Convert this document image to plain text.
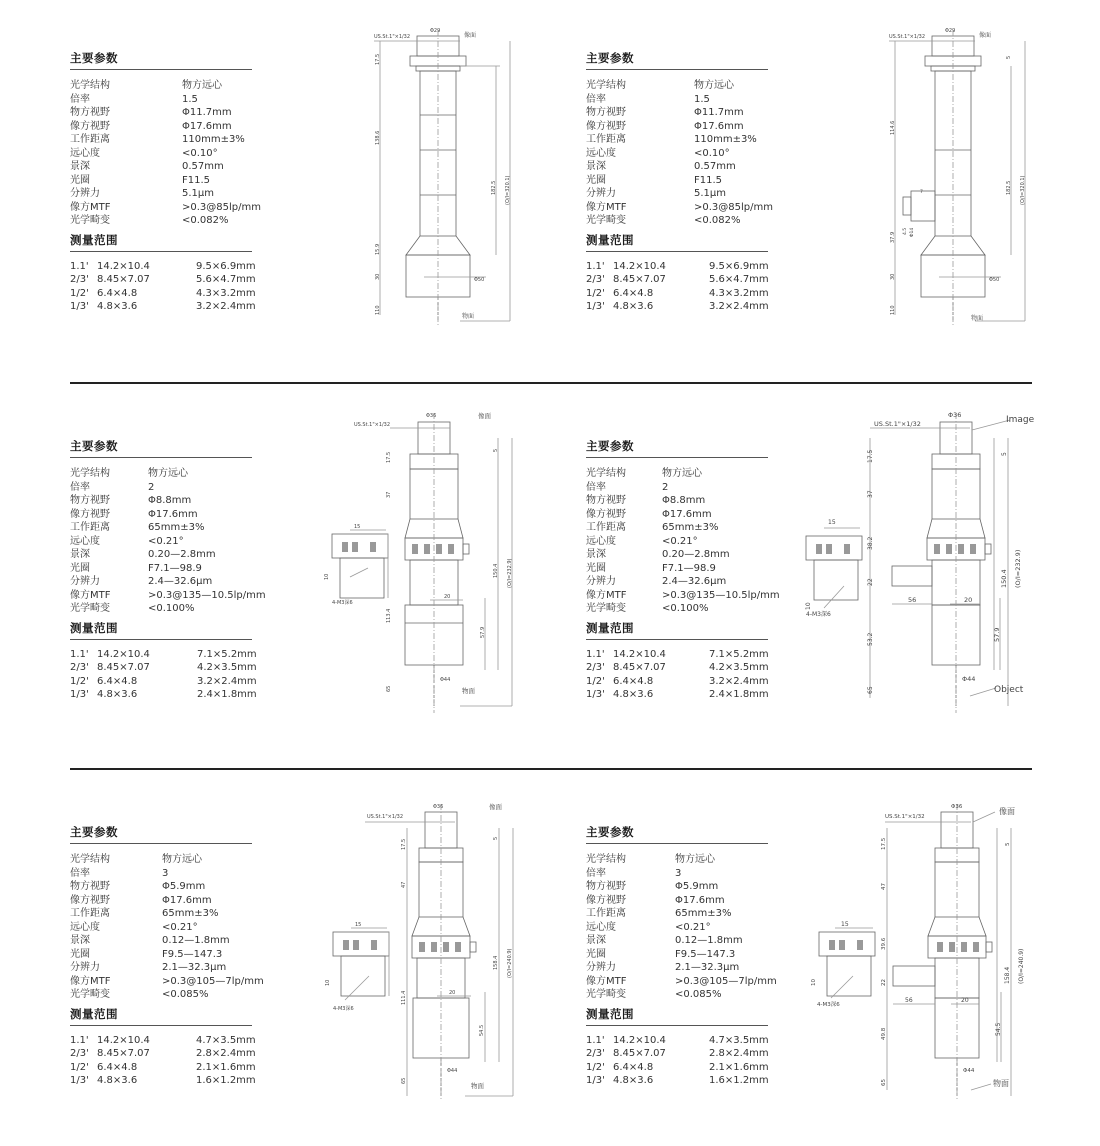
主要参数
光学结构	物方远心
倍率	1.5
物方视野	Φ11.7mm
像方视野	Φ17.6mm
工作距离	110mm±3%
远心度	<0.10°
景深	0.57mm
光圈	F11.5
分辨力	5.1μm
像方MTF	>0.3@85lp/mm
光学畸变	<0.082%
测量范围
1.1' 14.2×10.4	9.5×6.9mm
2/3' 8.45×7.07	5.6×4.7mm
1/2' 6.4×4.8	4.3×3.2mm
1/3' 4.8×3.6	3.2×2.4mm
主要参数
光学结构	物方远心
倍率	1.5
物方视野	Φ11.7mm
像方视野	Φ17.6mm
工作距离	110mm±3%
远心度	<0.10°
景深	0.57mm
光圈	F11.5
分辨力	5.1μm
像方MTF	>0.3@85lp/mm
光学畸变	<0.082%
测量范围
1.1' 14.2×10.4	9.5×6.9mm
2/3' 8.45×7.07	5.6×4.7mm
1/2' 6.4×4.8	4.3×3.2mm
1/3' 4.8×3.6	3.2×2.4mm
主要参数
光学结构	物方远心
倍率	2
物方视野	Φ8.8mm
像方视野	Φ17.6mm
工作距离	65mm±3%
远心度	<0.21°
景深	0.20—2.8mm
光圈	F7.1—98.9
分辨力	2.4—32.6μm
像方MTF	>0.3@135—10.5lp/mm
光学畸变	<0.100%
测量范围
1.1' 14.2×10.4	7.1×5.2mm
2/3' 8.45×7.07	4.2×3.5mm
1/2' 6.4×4.8	3.2×2.4mm
1/3' 4.8×3.6	2.4×1.8mm
主要参数
光学结构	物方远心
倍率	2
物方视野	Φ8.8mm
像方视野	Φ17.6mm
工作距离	65mm±3%
远心度	<0.21°
景深	0.20—2.8mm
光圈	F7.1—98.9
分辨力	2.4—32.6μm
像方MTF	>0.3@135—10.5lp/mm
光学畸变	<0.100%
测量范围
1.1' 14.2×10.4	7.1×5.2mm
2/3' 8.45×7.07	4.2×3.5mm
1/2' 6.4×4.8	3.2×2.4mm
1/3' 4.8×3.6	2.4×1.8mm
主要参数
光学结构	物方远心
倍率	3
物方视野	Φ5.9mm
像方视野	Φ17.6mm
工作距离	65mm±3%
远心度	<0.21°
景深	0.12—1.8mm
光圈	F9.5—147.3
分辨力	2.1—32.3μm
像方MTF	>0.3@105—7lp/mm
光学畸变	<0.085%
测量范围
1.1' 14.2×10.4	4.7×3.5mm
2/3' 8.45×7.07	2.8×2.4mm
1/2' 6.4×4.8	2.1×1.6mm
1/3' 4.8×3.6	1.6×1.2mm
主要参数
光学结构	物方远心
倍率	3
物方视野	Φ5.9mm
像方视野	Φ17.6mm
工作距离	65mm±3%
远心度	<0.21°
景深	0.12—1.8mm
光圈	F9.5—147.3
分辨力	2.1—32.3μm
像方MTF	>0.3@105—7lp/mm
光学畸变	<0.085%
测量范围
1.1' 14.2×10.4	4.7×3.5mm
2/3' 8.45×7.07	2.8×2.4mm
1/2' 6.4×4.8	2.1×1.6mm
1/3' 4.8×3.6	1.6×1.2mm
US.St.1"×1/32
Φ29
像面
Φ50
物面
17.5
138.6
15.9
30
110
182.5 (O/I=320.1)
US.St.1"×1/32
Φ29
像面
Φ50
物面
5
114.6
37.9
30
110
182.5 (O/I=320.1)
4.5 Φ14
7
US.St.1"×1/32
Φ36	像面
Φ44
物面
4-M3深6
17.5
37
15
10
113.4
65
5
150.4 (O/I=232.9)
20
57.9
US.St.1"×1/32
Φ36	Image
Φ44
Object
4-M3深6
17.5
37
38.2
22
53.2
65
15
10
56	20
5
150.4 (O/I=232.9)
57.9
US.St.1"×1/32
Φ36	像面
Φ44
物面
4-M3深6
17.5
47
15
10
111.4
65
5
158.4 (O/I=240.9)
20
54.5
US.St.1"×1/32
Φ36	像面
Φ44
物面
4-M3深6
17.5
47
39.6
22
49.8
65
15
10
56	20
5
158.4 (O/I=240.9)
54.5
